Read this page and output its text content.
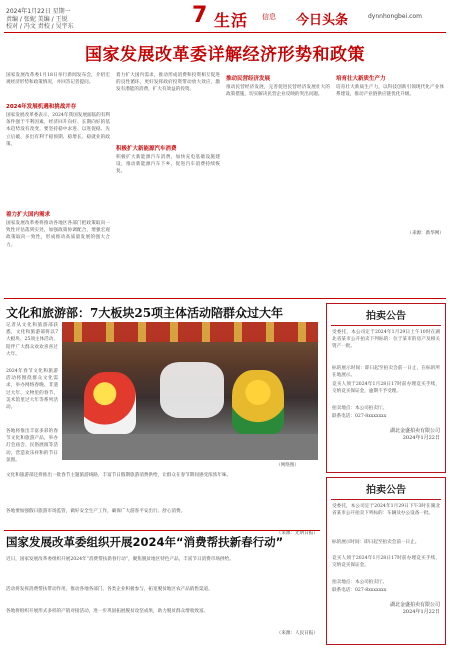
2024年1月22日 星期一
责编 / 张妮 美编 / 王锐
校对 / 冯文 责校 / 吴宇东	7 生活 信息 今日头条	dynnhongbei.com
国家发展改革委详解经济形势和政策
国家发展改革委1月18日举行新闻发布会，介绍宏观经济形势和政策情况，并回答记者提问。
2024年发展机遇和挑战并存
国家发展改革委表示，2024年我国发展面临的有利条件强于不利因素，经济回升向好、长期向好的基本趋势没有改变。要坚持稳中求进、以进促稳、先立后破，多出有利于稳预期、稳增长、稳就业的政策。
着力扩大国内需求
国家发展改革委将推动各地区各部门把政策取向一致性评估落到实处，加强政策协调配合，增强宏观政策取向一致性，形成推动高质量发展的强大合力。
着力扩大国内需求，推动形成消费和投资相互促进的良性循环，更好发挥政府投资带动放大效应，激发有潜能的消费，扩大有效益的投资。
积极扩大新能源汽车消费
积极扩大新能源汽车消费，加快充电基础设施建设，推动新能源汽车下乡，促进汽车消费持续恢复。
推动民营经济发展
推动民营经济发展，完善促进民营经济发展壮大的政策措施，切实解决民营企业反映的突出问题。
培育壮大新质生产力
培育壮大新质生产力，以科技创新引领现代化产业体系建设，推动产业链供应链优化升级。
（来源：新华网）
文化和旅游部：7大板块25项主体活动陪群众过大年
记者从文化和旅游部获悉，文化和旅游部将以7大板块、25项主体活动，陪伴广大群众欢欢喜喜过大年。
2024年春节文化和旅游活动将围绕群众文化需求，举办网络春晚、非遗过大年、文物里的春节、美术馆里过大年等系列活动。
各地将推出丰富多彩的春节文化和旅游产品，举办灯会庙会、民俗展演等活动，营造欢乐祥和的节日氛围。
（网络图）
文化和旅游部还将推出一批春节主题旅游线路，丰富节日假期旅游消费供给，让群众在春节期间感受浓浓年味。
各地要加强假日旅游市场监管，做好安全生产工作，确保广大游客平安出行、舒心消费。
（来源：光明日报）
国家发展改革委组织开展2024年“消费帮扶新春行动”
近日，国家发展改革委组织开展2024年“消费帮扶新春行动”，聚焦脱贫地区特色产品，丰富节日消费市场供给。
活动将发挥消费帮扶带动作用，推动各地各部门、各类企业积极参与，拓宽脱贫地区农产品销售渠道。
各地将组织开展形式多样的产销对接活动，进一步巩固拓展脱贫攻坚成果，助力脱贫群众增收致富。
（来源：人民日报）
拍卖公告
受委托，本公司定于2024年1月29日上午10时在湖北省某市公开拍卖下列标的：位于某市的房产及相关资产一批。
标的展示时间：即日起至拍卖会前一日止，在标的所在地展示。
竞买人须于2024年1月28日17时前办理竞买手续，交纳竞买保证金，逾期不予受理。
拍卖地点：本公司拍卖厅。
联系电话：027-8xxxxxxx
湖北金盛拍卖有限公司
2024年1月22日
拍卖公告
受委托，本公司定于2024年1月29日下午3时在湖北省某市公开拍卖下列标的：车辆及办公设备一批。
标的展示时间：即日起至拍卖会前一日止。
竞买人须于2024年1月28日17时前办理竞买手续，交纳竞买保证金。
拍卖地点：本公司拍卖厅。
联系电话：027-8xxxxxxx
湖北金盛拍卖有限公司
2024年1月22日
